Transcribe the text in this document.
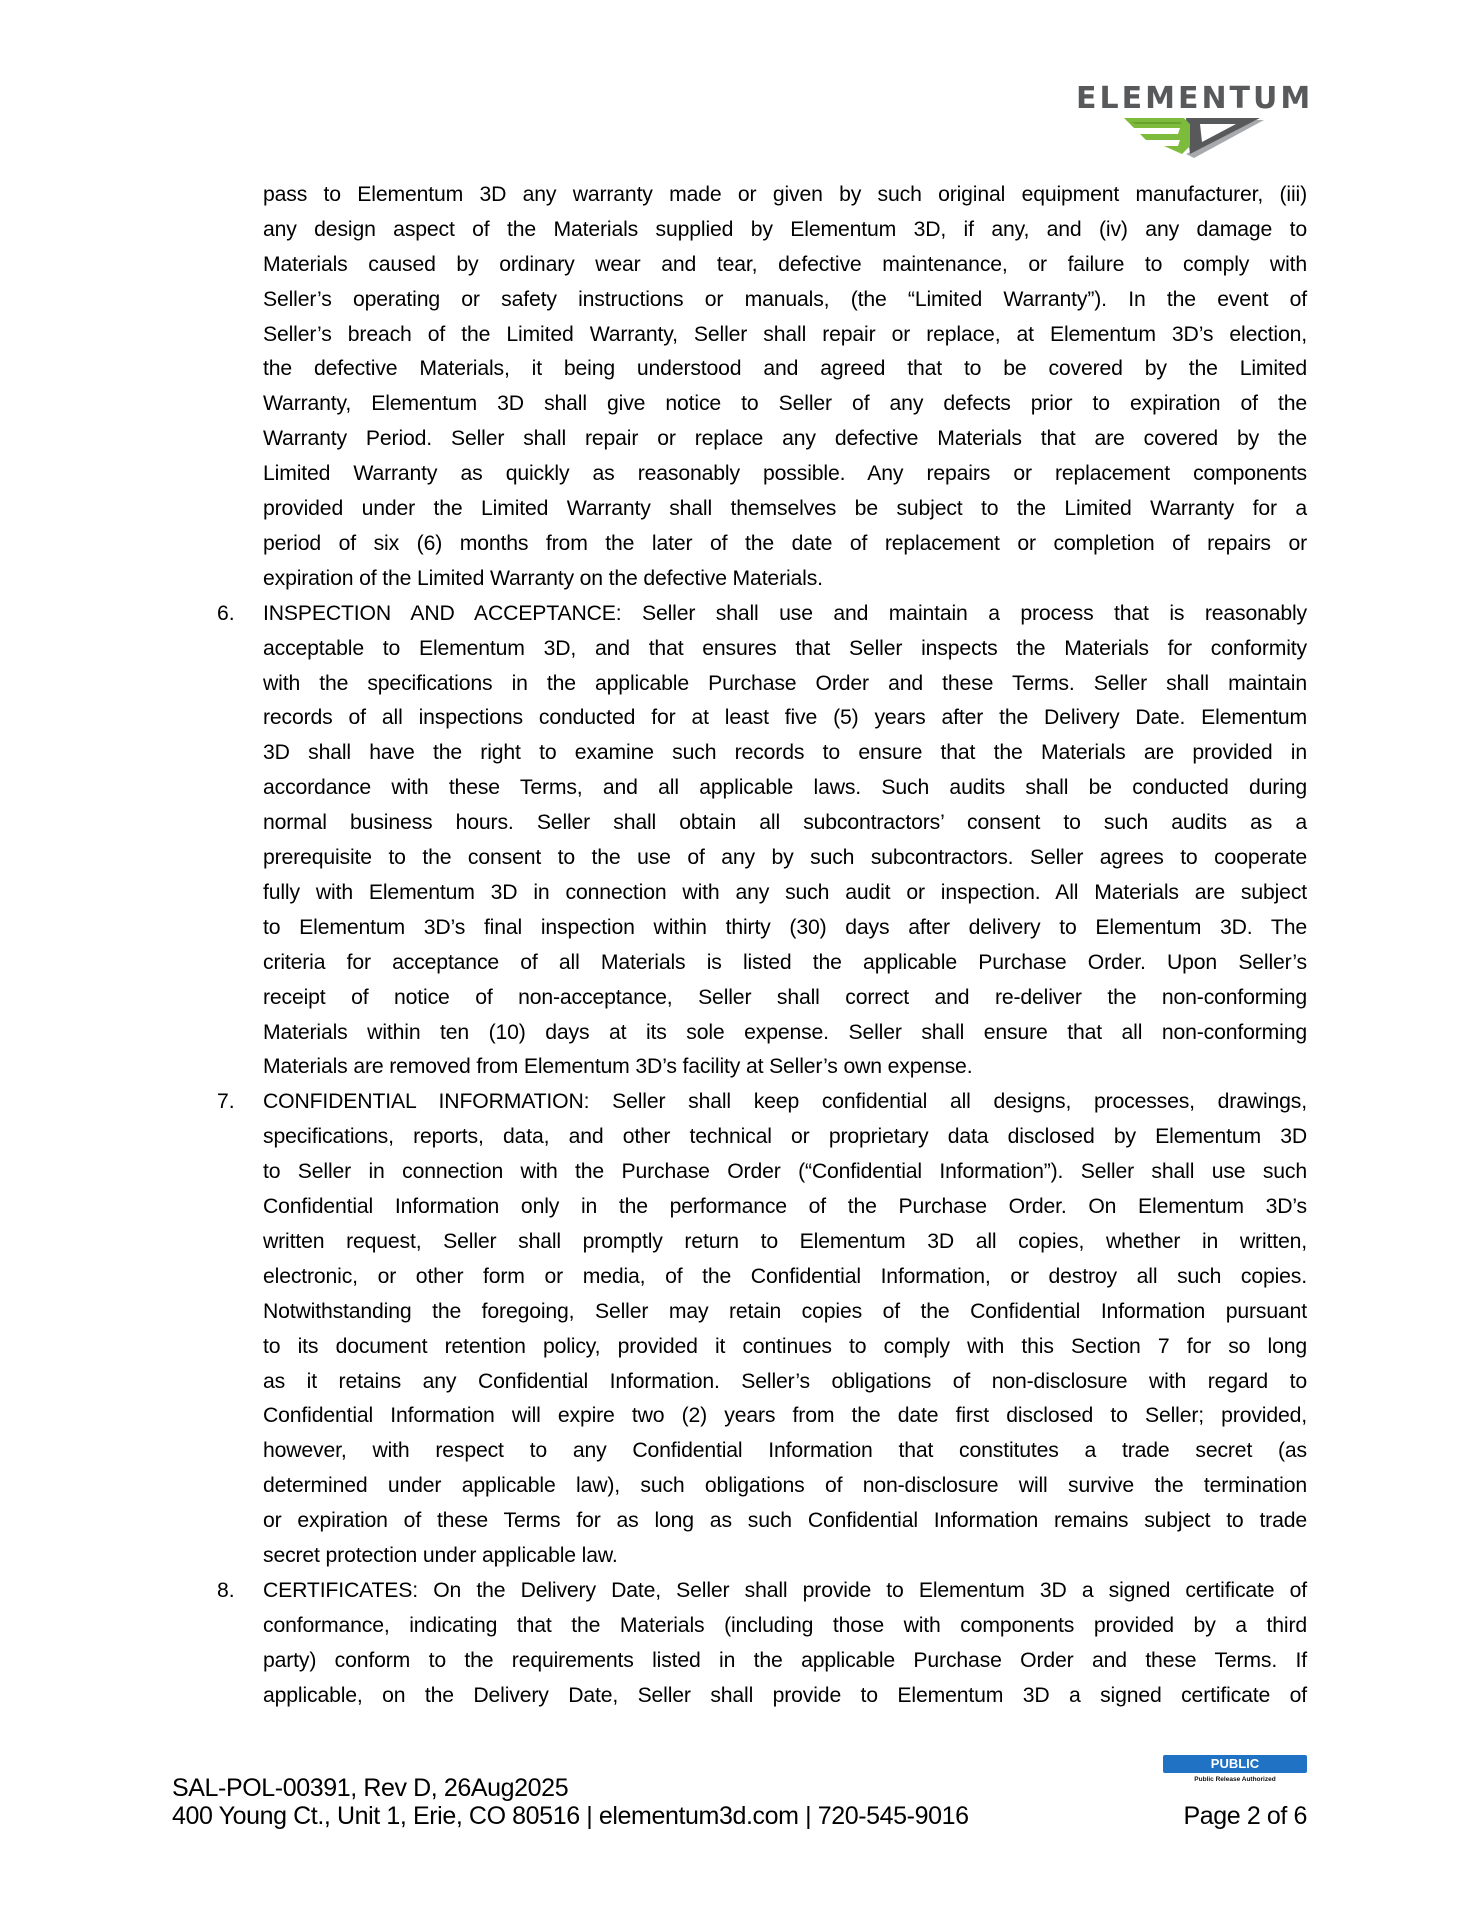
ELEMENTUM
pass to Elementum 3D any warranty made or given by such original equipment manufacturer, (iii)
any design aspect of the Materials supplied by Elementum 3D, if any, and (iv) any damage to
Materials caused by ordinary wear and tear, defective maintenance, or failure to comply with
Seller’s operating or safety instructions or manuals, (the “Limited Warranty”). In the event of
Seller’s breach of the Limited Warranty, Seller shall repair or replace, at Elementum 3D’s election,
the defective Materials, it being understood and agreed that to be covered by the Limited
Warranty, Elementum 3D shall give notice to Seller of any defects prior to expiration of the
Warranty Period. Seller shall repair or replace any defective Materials that are covered by the
Limited Warranty as quickly as reasonably possible. Any repairs or replacement components
provided under the Limited Warranty shall themselves be subject to the Limited Warranty for a
period of six (6) months from the later of the date of replacement or completion of repairs or
expiration of the Limited Warranty on the defective Materials.
6.	INSPECTION AND ACCEPTANCE: Seller shall use and maintain a process that is reasonably
acceptable to Elementum 3D, and that ensures that Seller inspects the Materials for conformity
with the specifications in the applicable Purchase Order and these Terms. Seller shall maintain
records of all inspections conducted for at least five (5) years after the Delivery Date. Elementum
3D shall have the right to examine such records to ensure that the Materials are provided in
accordance with these Terms, and all applicable laws. Such audits shall be conducted during
normal business hours. Seller shall obtain all subcontractors’ consent to such audits as a
prerequisite to the consent to the use of any by such subcontractors. Seller agrees to cooperate
fully with Elementum 3D in connection with any such audit or inspection. All Materials are subject
to Elementum 3D’s final inspection within thirty (30) days after delivery to Elementum 3D. The
criteria for acceptance of all Materials is listed the applicable Purchase Order. Upon Seller’s
receipt of notice of non-acceptance, Seller shall correct and re-deliver the non-conforming
Materials within ten (10) days at its sole expense. Seller shall ensure that all non-conforming
Materials are removed from Elementum 3D’s facility at Seller’s own expense.
7.	CONFIDENTIAL INFORMATION: Seller shall keep confidential all designs, processes, drawings,
specifications, reports, data, and other technical or proprietary data disclosed by Elementum 3D
to Seller in connection with the Purchase Order (“Confidential Information”). Seller shall use such
Confidential Information only in the performance of the Purchase Order. On Elementum 3D’s
written request, Seller shall promptly return to Elementum 3D all copies, whether in written,
electronic, or other form or media, of the Confidential Information, or destroy all such copies.
Notwithstanding the foregoing, Seller may retain copies of the Confidential Information pursuant
to its document retention policy, provided it continues to comply with this Section 7 for so long
as it retains any Confidential Information. Seller’s obligations of non-disclosure with regard to
Confidential Information will expire two (2) years from the date first disclosed to Seller; provided,
however, with respect to any Confidential Information that constitutes a trade secret (as
determined under applicable law), such obligations of non-disclosure will survive the termination
or expiration of these Terms for as long as such Confidential Information remains subject to trade
secret protection under applicable law.
8.	CERTIFICATES: On the Delivery Date, Seller shall provide to Elementum 3D a signed certificate of
conformance, indicating that the Materials (including those with components provided by a third
party) conform to the requirements listed in the applicable Purchase Order and these Terms. If
applicable, on the Delivery Date, Seller shall provide to Elementum 3D a signed certificate of
SAL-POL-00391, Rev D, 26Aug2025
400 Young Ct., Unit 1, Erie, CO 80516 | elementum3d.com | 720-545-9016
PUBLIC
Public Release Authorized
Page 2 of 6
